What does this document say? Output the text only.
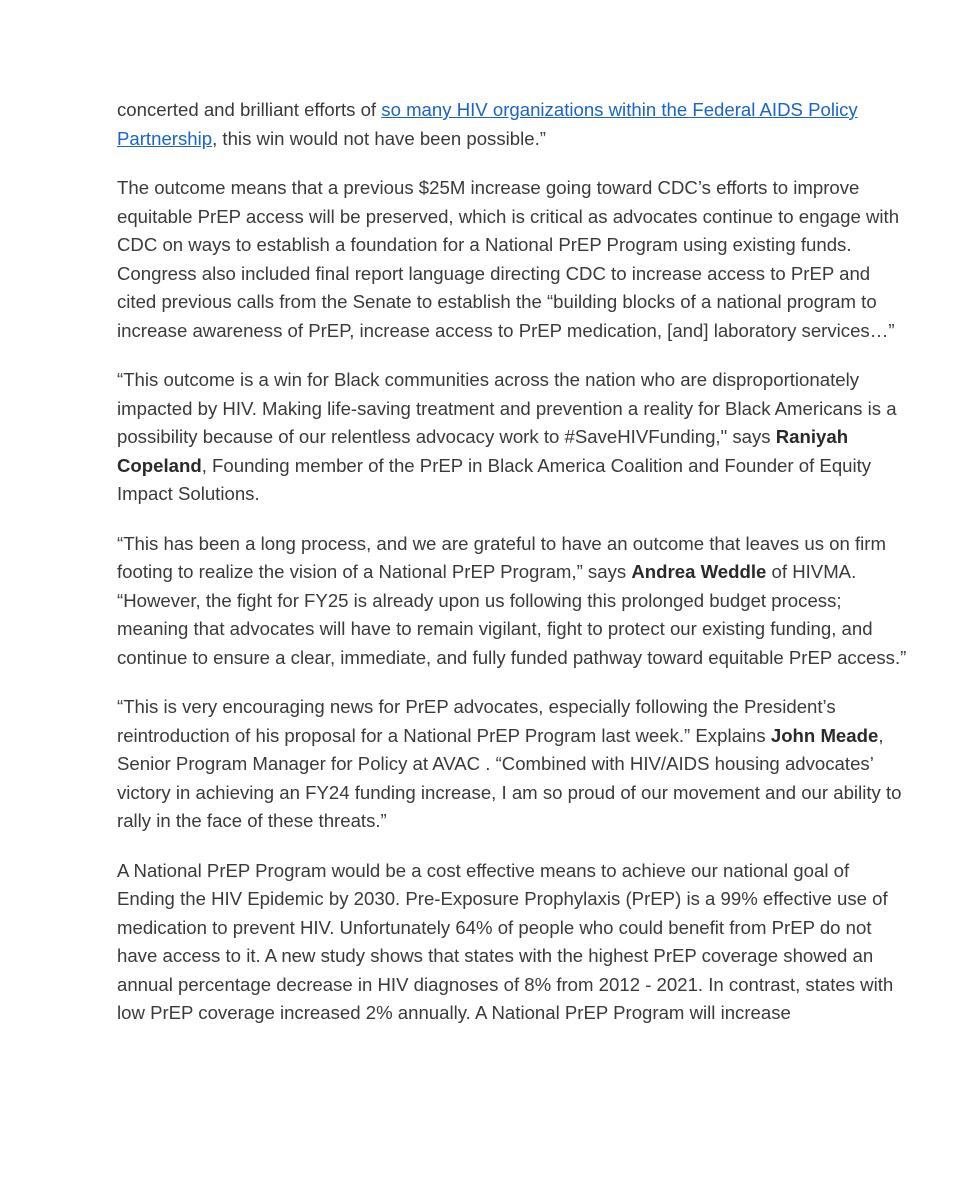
concerted and brilliant efforts of so many HIV organizations within the Federal AIDS Policy Partnership, this win would not have been possible.”

The outcome means that a previous $25M increase going toward CDC’s efforts to improve equitable PrEP access will be preserved, which is critical as advocates continue to engage with CDC on ways to establish a foundation for a National PrEP Program using existing funds. Congress also included final report language directing CDC to increase access to PrEP and cited previous calls from the Senate to establish the “building blocks of a national program to increase awareness of PrEP, increase access to PrEP medication, [and] laboratory services…”

“This outcome is a win for Black communities across the nation who are disproportionately impacted by HIV. Making life-saving treatment and prevention a reality for Black Americans is a possibility because of our relentless advocacy work to #SaveHIVFunding," says Raniyah Copeland, Founding member of the PrEP in Black America Coalition and Founder of Equity Impact Solutions.

“This has been a long process, and we are grateful to have an outcome that leaves us on firm footing to realize the vision of a National PrEP Program,” says Andrea Weddle of HIVMA. “However, the fight for FY25 is already upon us following this prolonged budget process; meaning that advocates will have to remain vigilant, fight to protect our existing funding, and continue to ensure a clear, immediate, and fully funded pathway toward equitable PrEP access.”

“This is very encouraging news for PrEP advocates, especially following the President’s reintroduction of his proposal for a National PrEP Program last week.” Explains John Meade, Senior Program Manager for Policy at AVAC . “Combined with HIV/AIDS housing advocates’ victory in achieving an FY24 funding increase, I am so proud of our movement and our ability to rally in the face of these threats.”

A National PrEP Program would be a cost effective means to achieve our national goal of Ending the HIV Epidemic by 2030. Pre-Exposure Prophylaxis (PrEP) is a 99% effective use of medication to prevent HIV. Unfortunately 64% of people who could benefit from PrEP do not have access to it. A new study shows that states with the highest PrEP coverage showed an annual percentage decrease in HIV diagnoses of 8% from 2012 - 2021. In contrast, states with low PrEP coverage increased 2% annually. A National PrEP Program will increase
